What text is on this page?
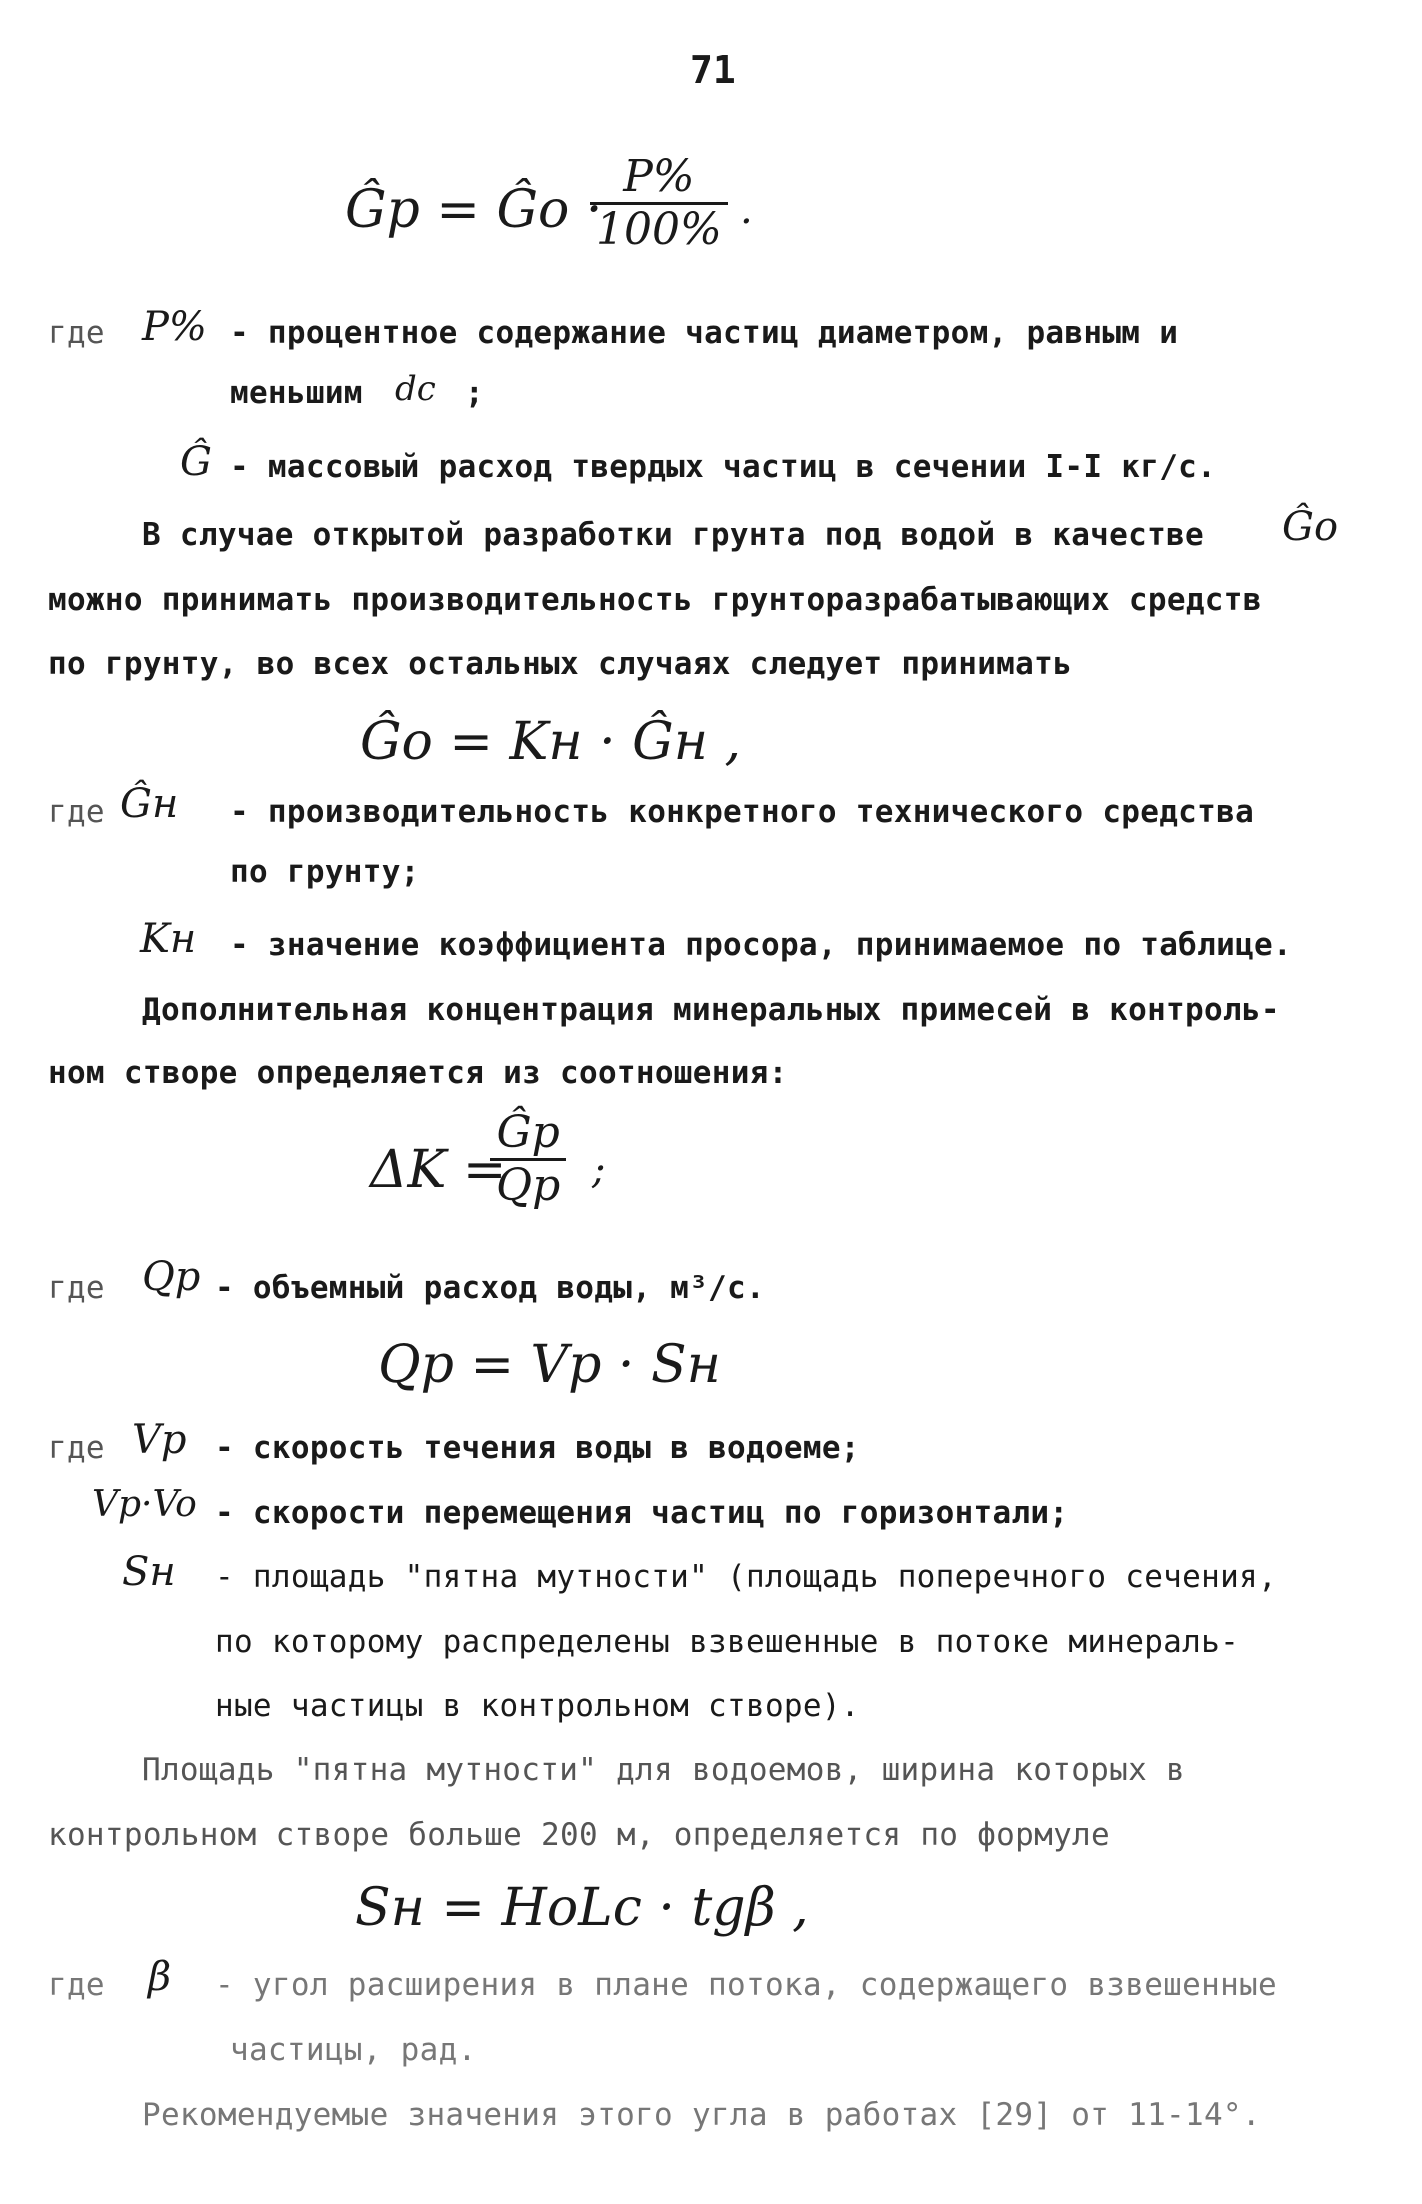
71
Ĝp = Ĝo ·
$\frac{P\%}{100\%}$ .
где P% - процентное содержание частиц диаметром, равным и
меньшим dc ;
Ĝ - массовый расход твердых частиц в сечении I-I кг/с.
В случае открытой разработки грунта под водой в качестве Ĝo
можно принимать производительность грунторазрабатывающих средств
по грунту, во всех остальных случаях следует принимать
Ĝo = Kн · Ĝн ,
где Ĝн - производительность конкретного технического средства
по грунту;
Kн - значение коэффициента просора, принимаемое по таблице.
Дополнительная концентрация минеральных примесей в контроль-
ном створе определяется из соотношения:
ΔK =
$\frac{Ĝp}{Qp}$ ;
где Qp - объемный расход воды, м³/с.
Qp = Vp · Sн
где Vp - скорость течения воды в водоеме;
Vp·Vo - скорости перемещения частиц по горизонтали;
Sн - площадь "пятна мутности" (площадь поперечного сечения,
по которому распределены взвешенные в потоке минераль-
ные частицы в контрольном створе).
Площадь "пятна мутности" для водоемов, ширина которых в
контрольном створе больше 200 м, определяется по формуле
Sн = HoLc · tgβ ,
где β - угол расширения в плане потока, содержащего взвешенные
частицы, рад.
Рекомендуемые значения этого угла в работах [29] от 11-14°.
